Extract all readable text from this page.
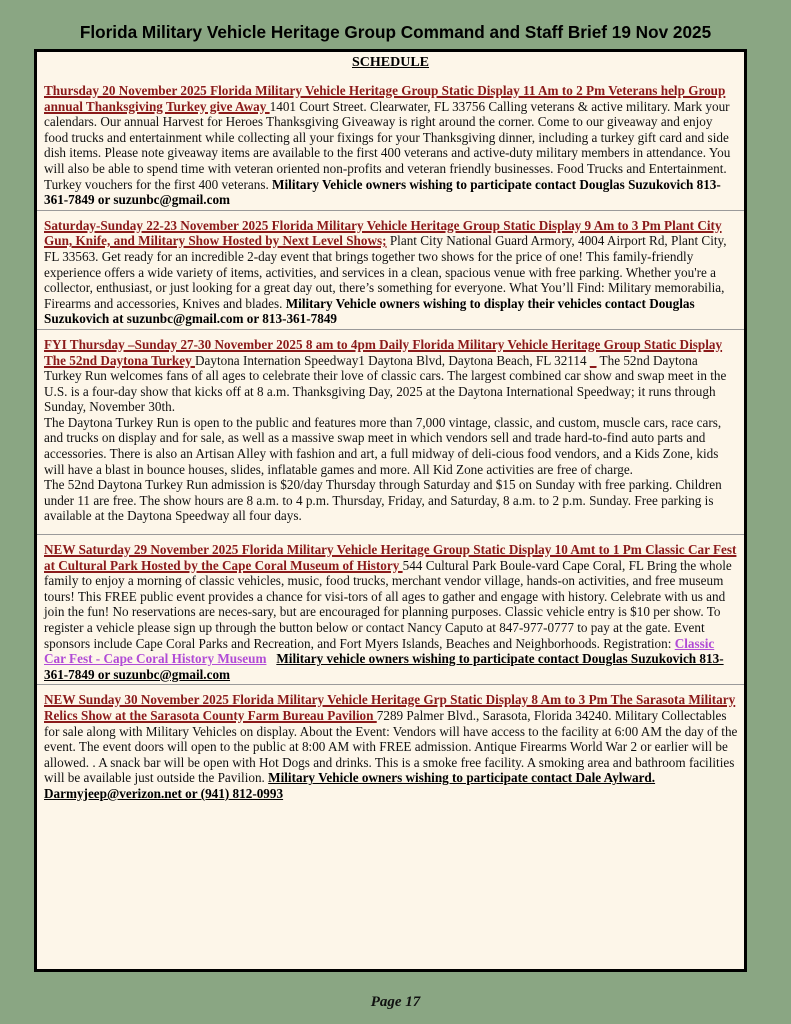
Florida Military Vehicle Heritage Group Command and Staff Brief 19 Nov 2025
SCHEDULE

Thursday 20 November 2025 Florida Military Vehicle Heritage Group Static Display 11 Am to 2 Pm Veterans help Group annual Thanksgiving Turkey give Away 1401 Court Street. Clearwater, FL 33756 Calling veterans & active military. Mark your calendars. Our annual Harvest for Heroes Thanksgiving Giveaway is right around the corner. Come to our giveaway and enjoy food trucks and entertainment while collecting all your fixings for your Thanksgiving dinner, including a turkey gift card and side dish items. Please note giveaway items are available to the first 400 veterans and active-duty military members in attendance. You will also be able to spend time with veteran oriented non-profits and veteran friendly businesses. Food Trucks and Entertainment. Turkey vouchers for the first 400 veterans. Military Vehicle owners wishing to participate contact Douglas Suzukovich 813-361-7849 or suzunbc@gmail.com

Saturday-Sunday 22-23 November 2025 Florida Military Vehicle Heritage Group Static Display 9 Am to 3 Pm Plant City Gun, Knife, and Military Show Hosted by Next Level Shows; Plant City National Guard Armory, 4004 Airport Rd, Plant City, FL 33563. Get ready for an incredible 2-day event that brings together two shows for the price of one! This family-friendly experience offers a wide variety of items, activities, and services in a clean, spacious venue with free parking. Whether you're a collector, enthusiast, or just looking for a great day out, there’s something for everyone. What You’ll Find: Military memorabilia, Firearms and accessories, Knives and blades. Military Vehicle owners wishing to display their vehicles contact Douglas Suzukovich at suzunbc@gmail.com or 813-361-7849

FYI Thursday –Sunday 27-30 November 2025 8 am to 4pm Daily Florida Military Vehicle Heritage Group Static Display The 52nd Daytona Turkey Daytona Internation Speedway1 Daytona Blvd, Daytona Beach, FL 32114 _ The 52nd Daytona Turkey Run welcomes fans of all ages to celebrate their love of classic cars. The largest combined car show and swap meet in the U.S. is a four-day show that kicks off at 8 a.m. Thanksgiving Day, 2025 at the Daytona International Speedway; it runs through Sunday, November 30th.

The Daytona Turkey Run is open to the public and features more than 7,000 vintage, classic, and custom, muscle cars, race cars, and trucks on display and for sale, as well as a massive swap meet in which vendors sell and trade hard-to-find auto parts and accessories. There is also an Artisan Alley with fashion and art, a full midway of deli-cious food vendors, and a Kids Zone, kids will have a blast in bounce houses, slides, inflatable games and more. All Kid Zone activities are free of charge.

The 52nd Daytona Turkey Run admission is $20/day Thursday through Saturday and $15 on Sunday with free parking. Children under 11 are free. The show hours are 8 a.m. to 4 p.m. Thursday, Friday, and Saturday, 8 a.m. to 2 p.m. Sunday. Free parking is available at the Daytona Speedway all four days.

NEW Saturday 29 November 2025 Florida Military Vehicle Heritage Group Static Display 10 Amt to 1 Pm Classic Car Fest at Cultural Park Hosted by the Cape Coral Museum of History 544 Cultural Park Boule-vard Cape Coral, FL Bring the whole family to enjoy a morning of classic vehicles, music, food trucks, merchant vendor village, hands-on activities, and free museum tours! This FREE public event provides a chance for visi-tors of all ages to gather and engage with history. Celebrate with us and join the fun! No reservations are neces-sary, but are encouraged for planning purposes. Classic vehicle entry is $10 per show. To register a vehicle please sign up through the button below or contact Nancy Caputo at 847-977-0777 to pay at the gate. Event sponsors include Cape Coral Parks and Recreation, and Fort Myers Islands, Beaches and Neighborhoods. Registration: Classic Car Fest - Cape Coral History Museum Military vehicle owners wishing to participate contact Douglas Suzukovich 813-361-7849 or suzunbc@gmail.com

NEW Sunday 30 November 2025 Florida Military Vehicle Heritage Grp Static Display 8 Am to 3 Pm The Sarasota Military Relics Show at the Sarasota County Farm Bureau Pavilion 7289 Palmer Blvd., Sarasota, Florida 34240. Military Collectables for sale along with Military Vehicles on display. About the Event: Vendors will have access to the facility at 6:00 AM the day of the event. The event doors will open to the public at 8:00 AM with FREE admission. Antique Firearms World War 2 or earlier will be allowed. . A snack bar will be open with Hot Dogs and drinks. This is a smoke free facility. A smoking area and bathroom facilities will be available just outside the Pavilion. Military Vehicle owners wishing to participate contact Dale Aylward. Darmyjeep@verizon.net or (941) 812-0993

Page 17
